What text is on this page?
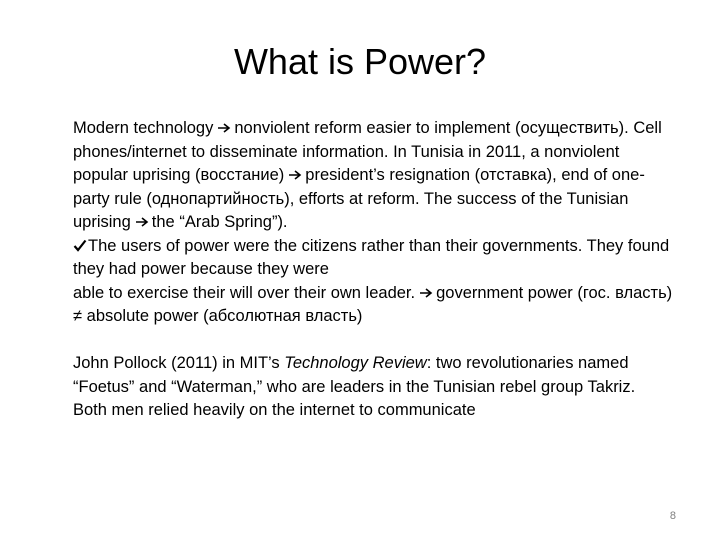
What is Power?

Modern technology nonviolent reform easier to implement (осуществить). Cell phones/internet to disseminate information. In Tunisia in 2011, a nonviolent popular uprising (восстание) president’s resignation (отставка), end of one-party rule (однопартийность), efforts at reform. The success of the Tunisian uprising the “Arab Spring”).

The users of power were the citizens rather than their governments. They found they had power because they were
able to exercise their will over their own leader. government power (гос. власть) ≠ absolute power (абсолютная власть)

John Pollock (2011) in MIT’s Technology Review: two revolutionaries named “Foetus” and “Waterman,” who are leaders in the Tunisian rebel group Takriz. Both men relied heavily on the internet to communicate

8
